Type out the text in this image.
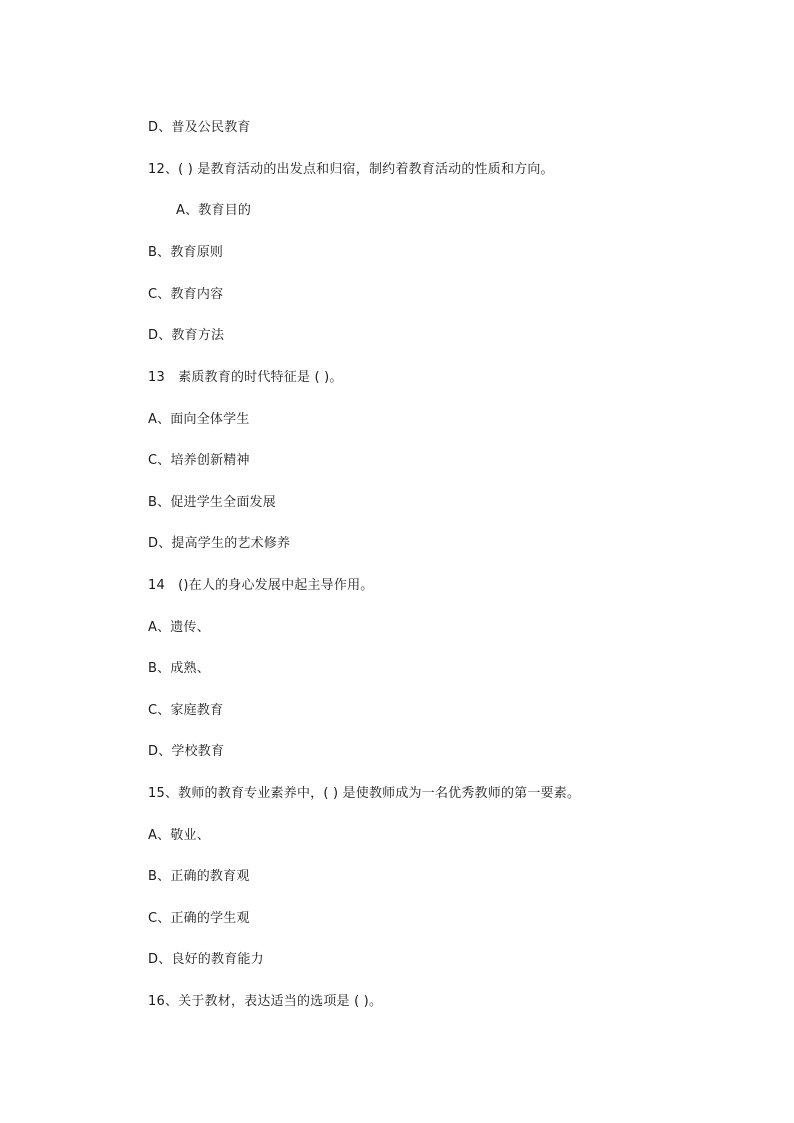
D、普及公民教育
12、( ) 是教育活动的出发点和归宿，制约着教育活动的性质和方向。
A、教育目的
B、教育原则
C、教育内容
D、教育方法
13　素质教育的时代特征是 ( )。
A、面向全体学生
C、培养创新精神
B、促进学生全面发展
D、提高学生的艺术修养
14　()在人的身心发展中起主导作用。
A、遗传、
B、成熟、
C、家庭教育
D、学校教育
15、教师的教育专业素养中，( ) 是使教师成为一名优秀教师的第一要素。
A、敬业、
B、正确的教育观
C、正确的学生观
D、良好的教育能力
16、关于教材，表达适当的选项是 ( )。
